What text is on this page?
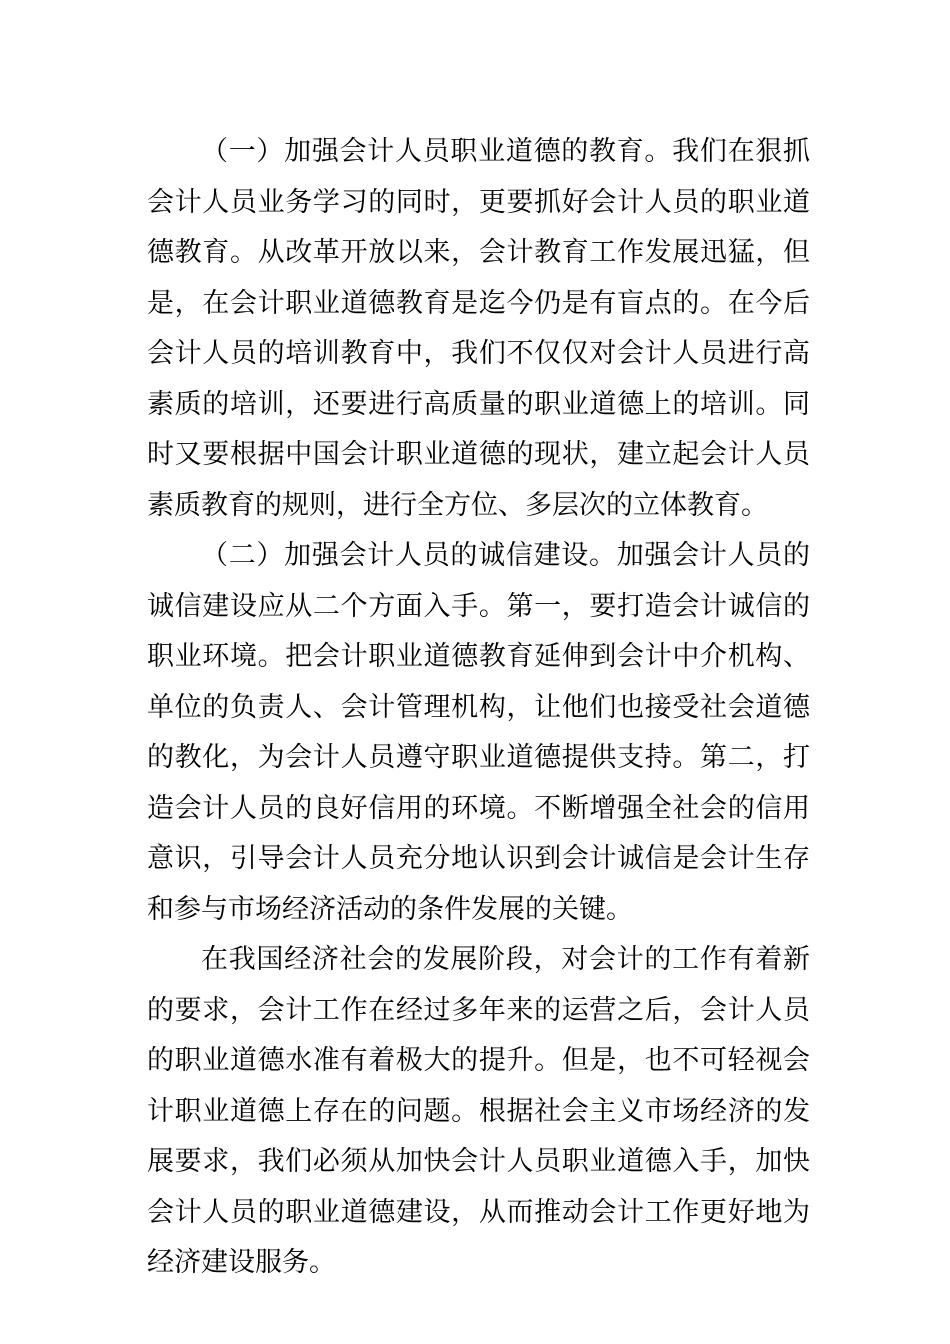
（一）加强会计人员职业道德的教育。我们在狠抓会计人员业务学习的同时，更要抓好会计人员的职业道德教育。从改革开放以来，会计教育工作发展迅猛，但是，在会计职业道德教育是迄今仍是有盲点的。在今后会计人员的培训教育中，我们不仅仅对会计人员进行高素质的培训，还要进行高质量的职业道德上的培训。同时又要根据中国会计职业道德的现状，建立起会计人员素质教育的规则，进行全方位、多层次的立体教育。

（二）加强会计人员的诚信建设。加强会计人员的诚信建设应从二个方面入手。第一，要打造会计诚信的职业环境。把会计职业道德教育延伸到会计中介机构、单位的负责人、会计管理机构，让他们也接受社会道德的教化，为会计人员遵守职业道德提供支持。第二，打造会计人员的良好信用的环境。不断增强全社会的信用意识，引导会计人员充分地认识到会计诚信是会计生存和参与市场经济活动的条件发展的关键。

在我国经济社会的发展阶段，对会计的工作有着新的要求，会计工作在经过多年来的运营之后，会计人员的职业道德水准有着极大的提升。但是，也不可轻视会计职业道德上存在的问题。根据社会主义市场经济的发展要求，我们必须从加快会计人员职业道德入手，加快会计人员的职业道德建设，从而推动会计工作更好地为经济建设服务。
